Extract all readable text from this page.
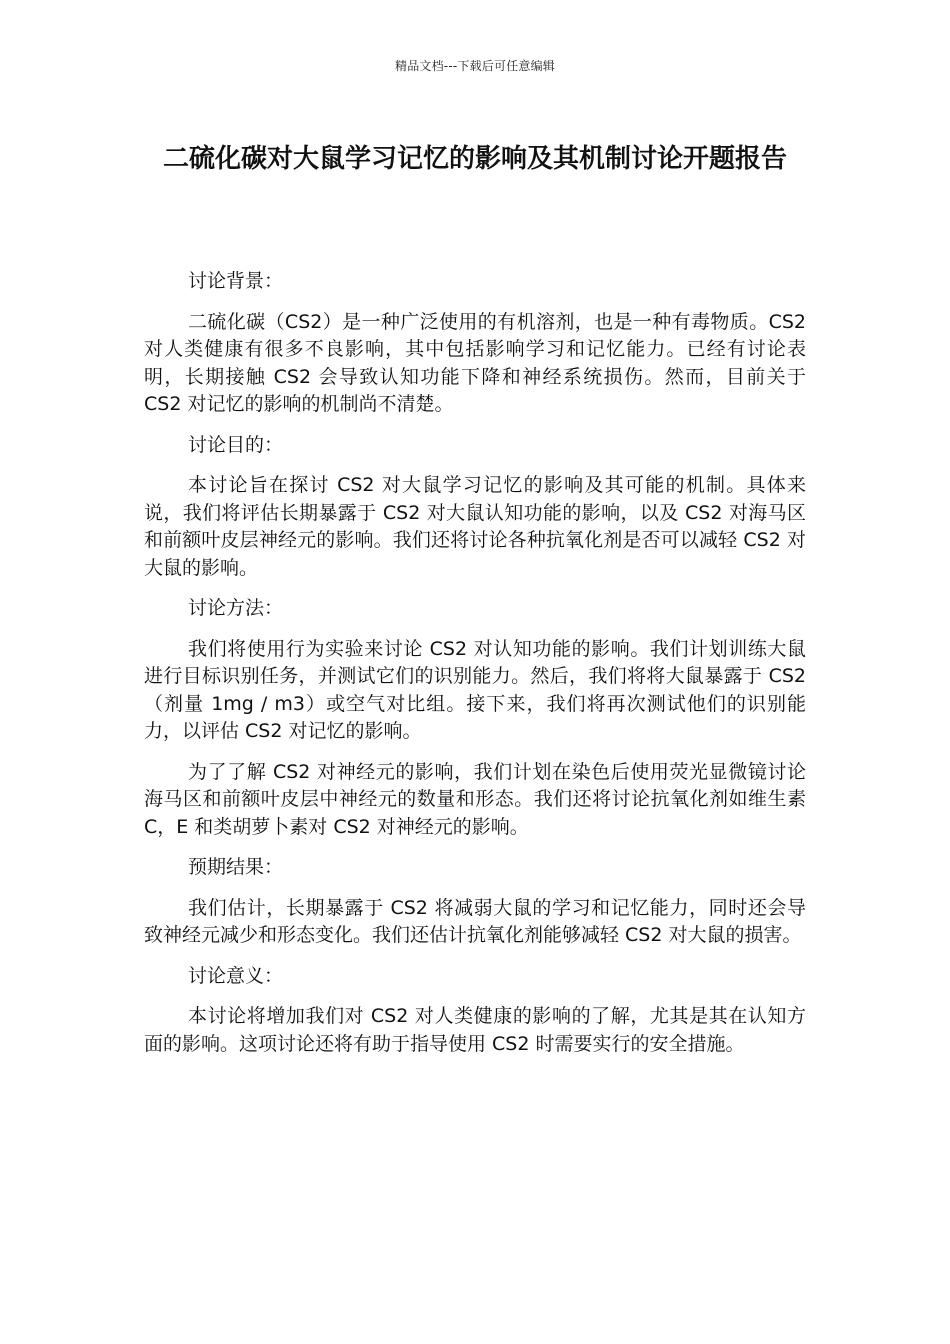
精品文档---下载后可任意编辑
二硫化碳对大鼠学习记忆的影响及其机制讨论开题报告

讨论背景：

二硫化碳（CS2）是一种广泛使用的有机溶剂，也是一种有毒物质。CS2 对人类健康有很多不良影响，其中包括影响学习和记忆能力。已经有讨论表明，长期接触 CS2 会导致认知功能下降和神经系统损伤。然而，目前关于 CS2 对记忆的影响的机制尚不清楚。

讨论目的：

本讨论旨在探讨 CS2 对大鼠学习记忆的影响及其可能的机制。具体来说，我们将评估长期暴露于 CS2 对大鼠认知功能的影响，以及 CS2 对海马区和前额叶皮层神经元的影响。我们还将讨论各种抗氧化剂是否可以减轻 CS2 对大鼠的影响。

讨论方法：

我们将使用行为实验来讨论 CS2 对认知功能的影响。我们计划训练大鼠进行目标识别任务，并测试它们的识别能力。然后，我们将将大鼠暴露于 CS2（剂量 1mg / m3）或空气对比组。接下来，我们将再次测试他们的识别能力，以评估 CS2 对记忆的影响。

为了了解 CS2 对神经元的影响，我们计划在染色后使用荧光显微镜讨论海马区和前额叶皮层中神经元的数量和形态。我们还将讨论抗氧化剂如维生素 C，E 和类胡萝卜素对 CS2 对神经元的影响。

预期结果：

我们估计，长期暴露于 CS2 将减弱大鼠的学习和记忆能力，同时还会导致神经元减少和形态变化。我们还估计抗氧化剂能够减轻 CS2 对大鼠的损害。

讨论意义：

本讨论将增加我们对 CS2 对人类健康的影响的了解，尤其是其在认知方面的影响。这项讨论还将有助于指导使用 CS2 时需要实行的安全措施。
